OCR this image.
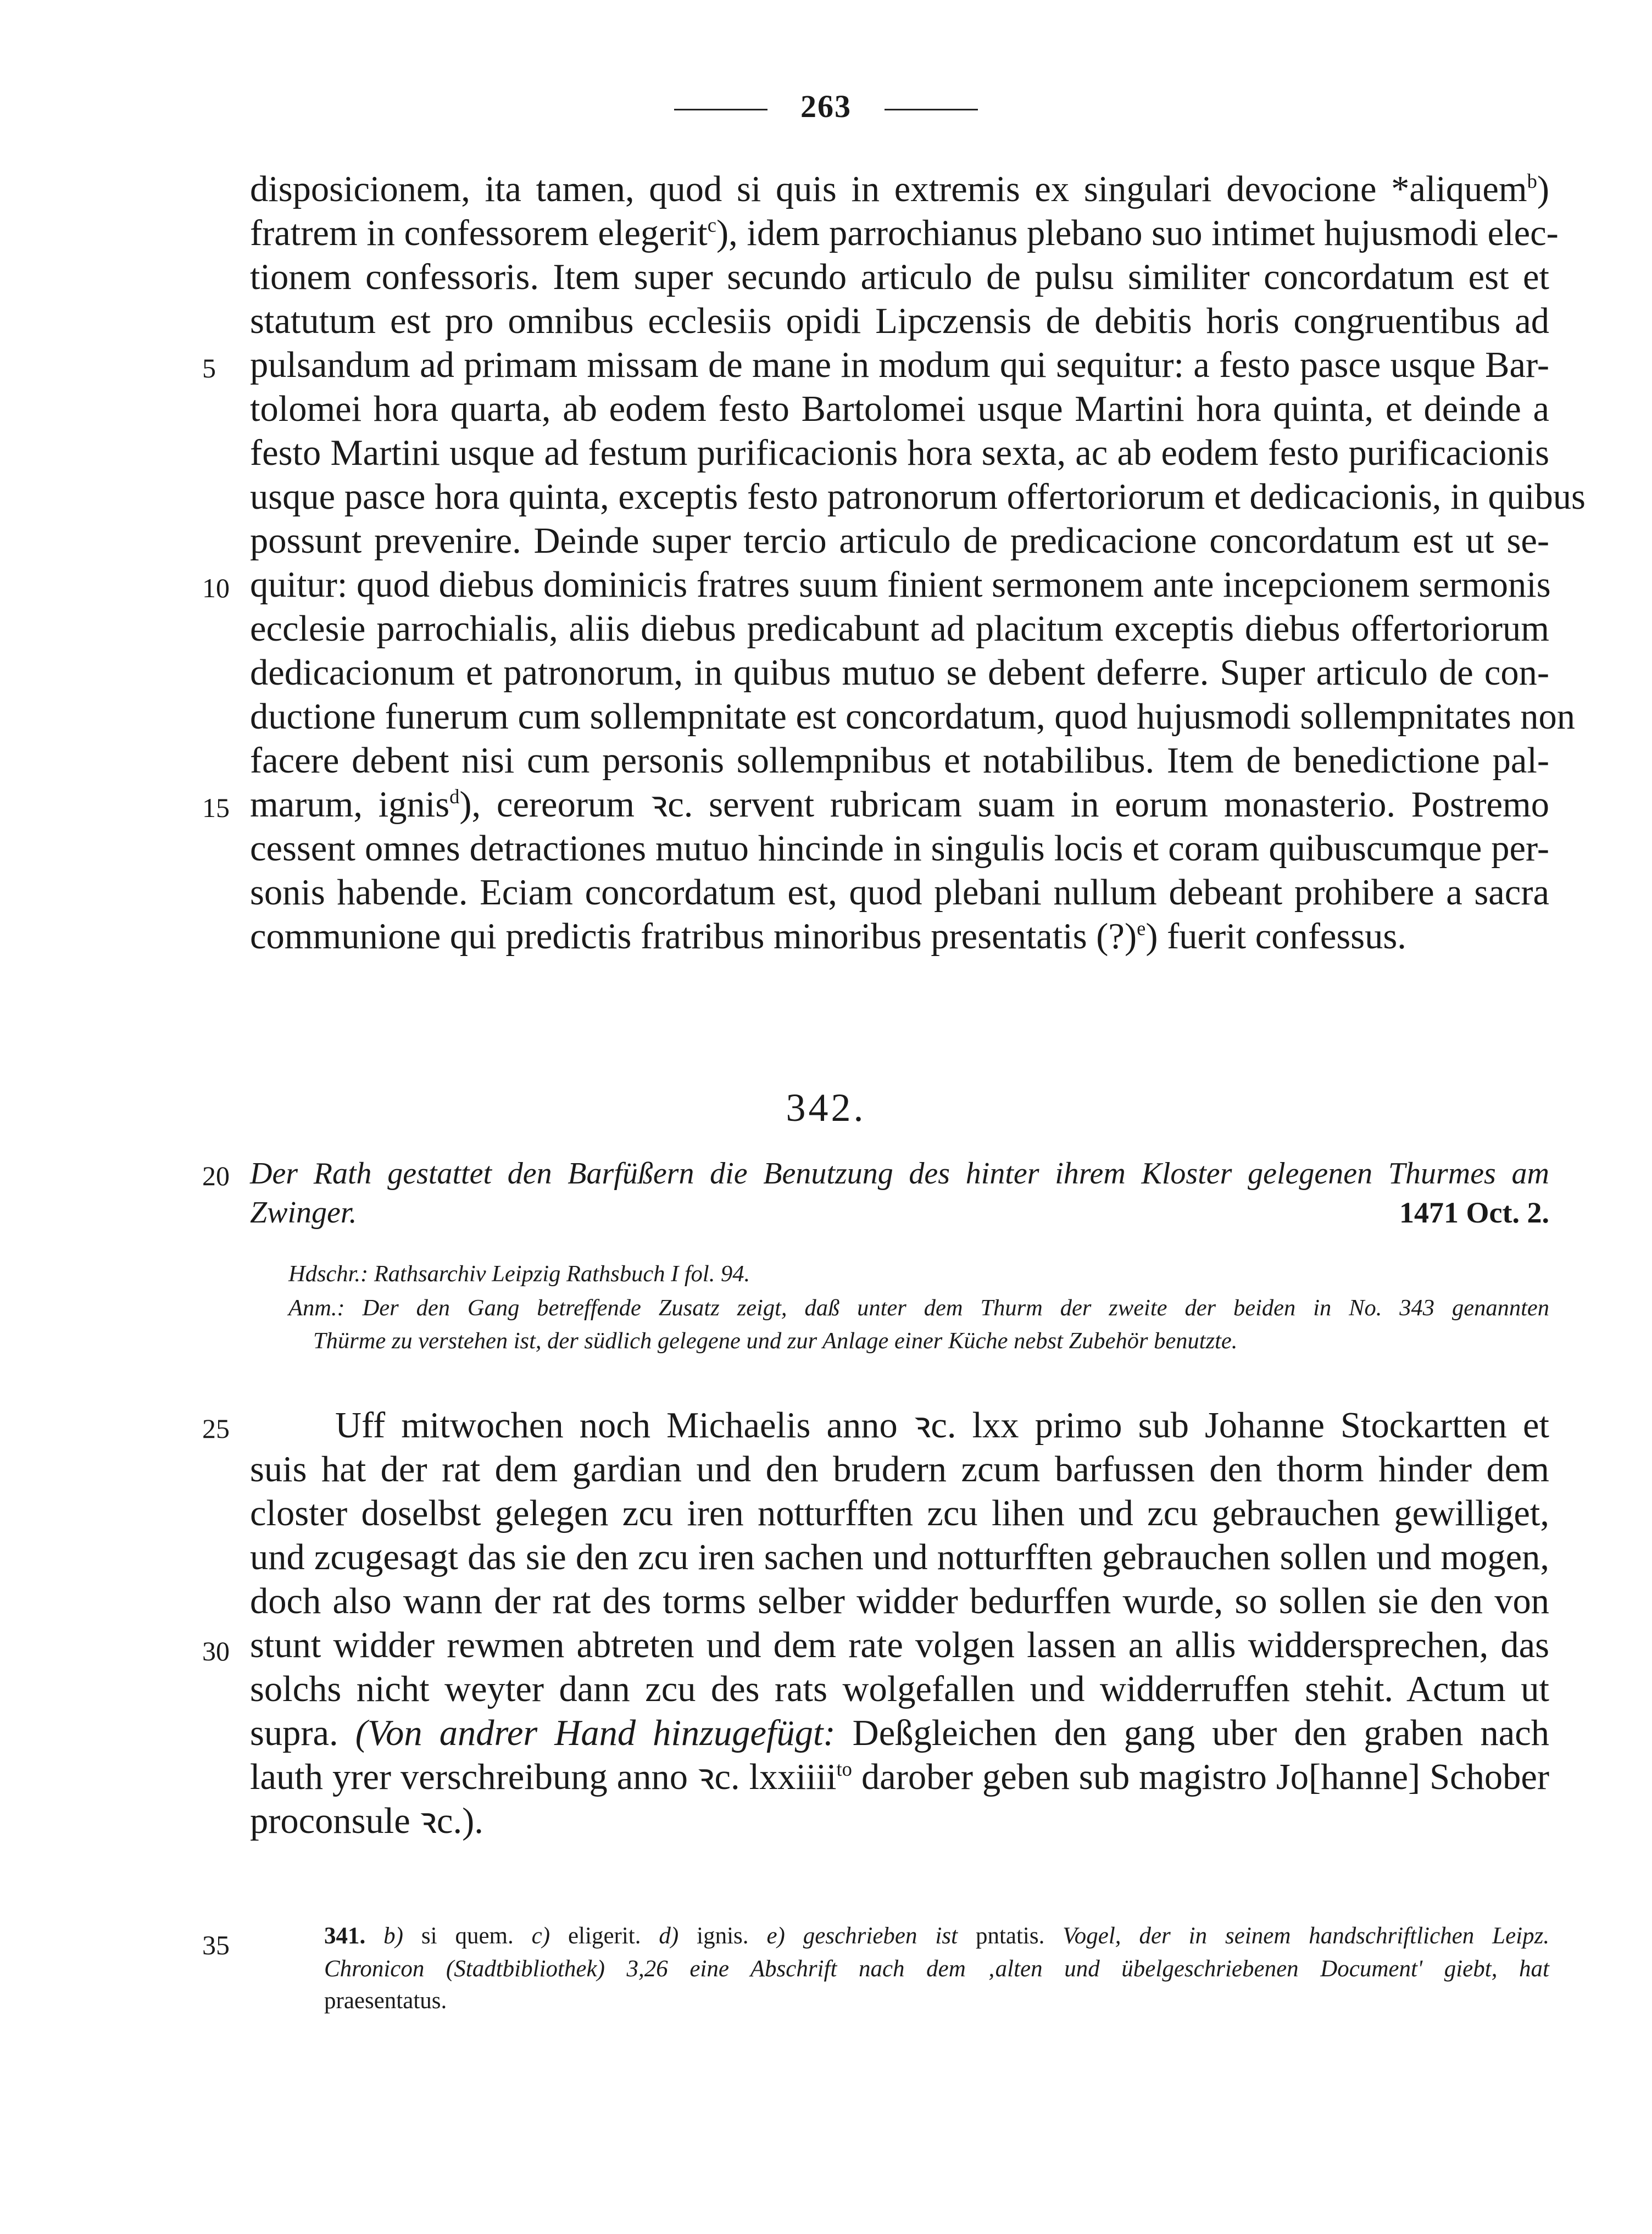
263
disposicionem, ita tamen, quod si quis in extremis ex singulari devocione *aliquem$^b$)
fratrem in confessorem elegerit$^c$), idem parrochianus plebano suo intimet hujusmodi elec-
tionem confessoris. Item super secundo articulo de pulsu similiter concordatum est et
statutum est pro omnibus ecclesiis opidi Lipczensis de debitis horis congruentibus ad
pulsandum ad primam missam de mane in modum qui sequitur: a festo pasce usque Bar-
tolomei hora quarta, ab eodem festo Bartolomei usque Martini hora quinta, et deinde a
festo Martini usque ad festum purificacionis hora sexta, ac ab eodem festo purificacionis
usque pasce hora quinta, exceptis festo patronorum offertoriorum et dedicacionis, in quibus
possunt prevenire. Deinde super tercio articulo de predicacione concordatum est ut se-
quitur: quod diebus dominicis fratres suum finient sermonem ante incepcionem sermonis
ecclesie parrochialis, aliis diebus predicabunt ad placitum exceptis diebus offertoriorum
dedicacionum et patronorum, in quibus mutuo se debent deferre. Super articulo de con-
ductione funerum cum sollempnitate est concordatum, quod hujusmodi sollempnitates non
facere debent nisi cum personis sollempnibus et notabilibus. Item de benedictione pal-
marum, ignis$^d$), cereorum ꝛc. servent rubricam suam in eorum monasterio. Postremo
cessent omnes detractiones mutuo hincinde in singulis locis et coram quibuscumque per-
sonis habende. Eciam concordatum est, quod plebani nullum debeant prohibere a sacra
communione qui predictis fratribus minoribus presentatis (?)$^e$) fuerit confessus.
5
10
15
20
25
30
35
342.
Der Rath gestattet den Barfüßern die Benutzung des hinter ihrem Kloster gelegenen Thurmes am
Zwinger.	1471 Oct. 2.
Hdschr.: Rathsarchiv Leipzig Rathsbuch I fol. 94.
Anm.: Der den Gang betreffende Zusatz zeigt, daß unter dem Thurm der zweite der beiden in No. 343 genannten
Thürme zu verstehen ist, der südlich gelegene und zur Anlage einer Küche nebst Zubehör benutzte.
Uff mitwochen noch Michaelis anno ꝛc. lxx primo sub Johanne Stockartten et
suis hat der rat dem gardian und den brudern zcum barfussen den thorm hinder dem
closter doselbst gelegen zcu iren notturfften zcu lihen und zcu gebrauchen gewilliget,
und zcugesagt das sie den zcu iren sachen und notturfften gebrauchen sollen und mogen,
doch also wann der rat des torms selber widder bedurffen wurde, so sollen sie den von
stunt widder rewmen abtreten und dem rate volgen lassen an allis widdersprechen, das
solchs nicht weyter dann zcu des rats wolgefallen und widderruffen stehit. Actum ut
supra. (Von andrer Hand hinzugefügt: Deßgleichen den gang uber den graben nach
lauth yrer verschreibung anno ꝛc. lxxiiii$^{to}$ darober geben sub magistro Jo[hanne] Schober
proconsule ꝛc.).
341. b) si quem. c) eligerit. d) ignis. e) geschrieben ist pntatis. Vogel, der in seinem handschriftlichen Leipz.
Chronicon (Stadtbibliothek) 3,26 eine Abschrift nach dem ‚alten und übelgeschriebenen Document' giebt, hat
praesentatus.
